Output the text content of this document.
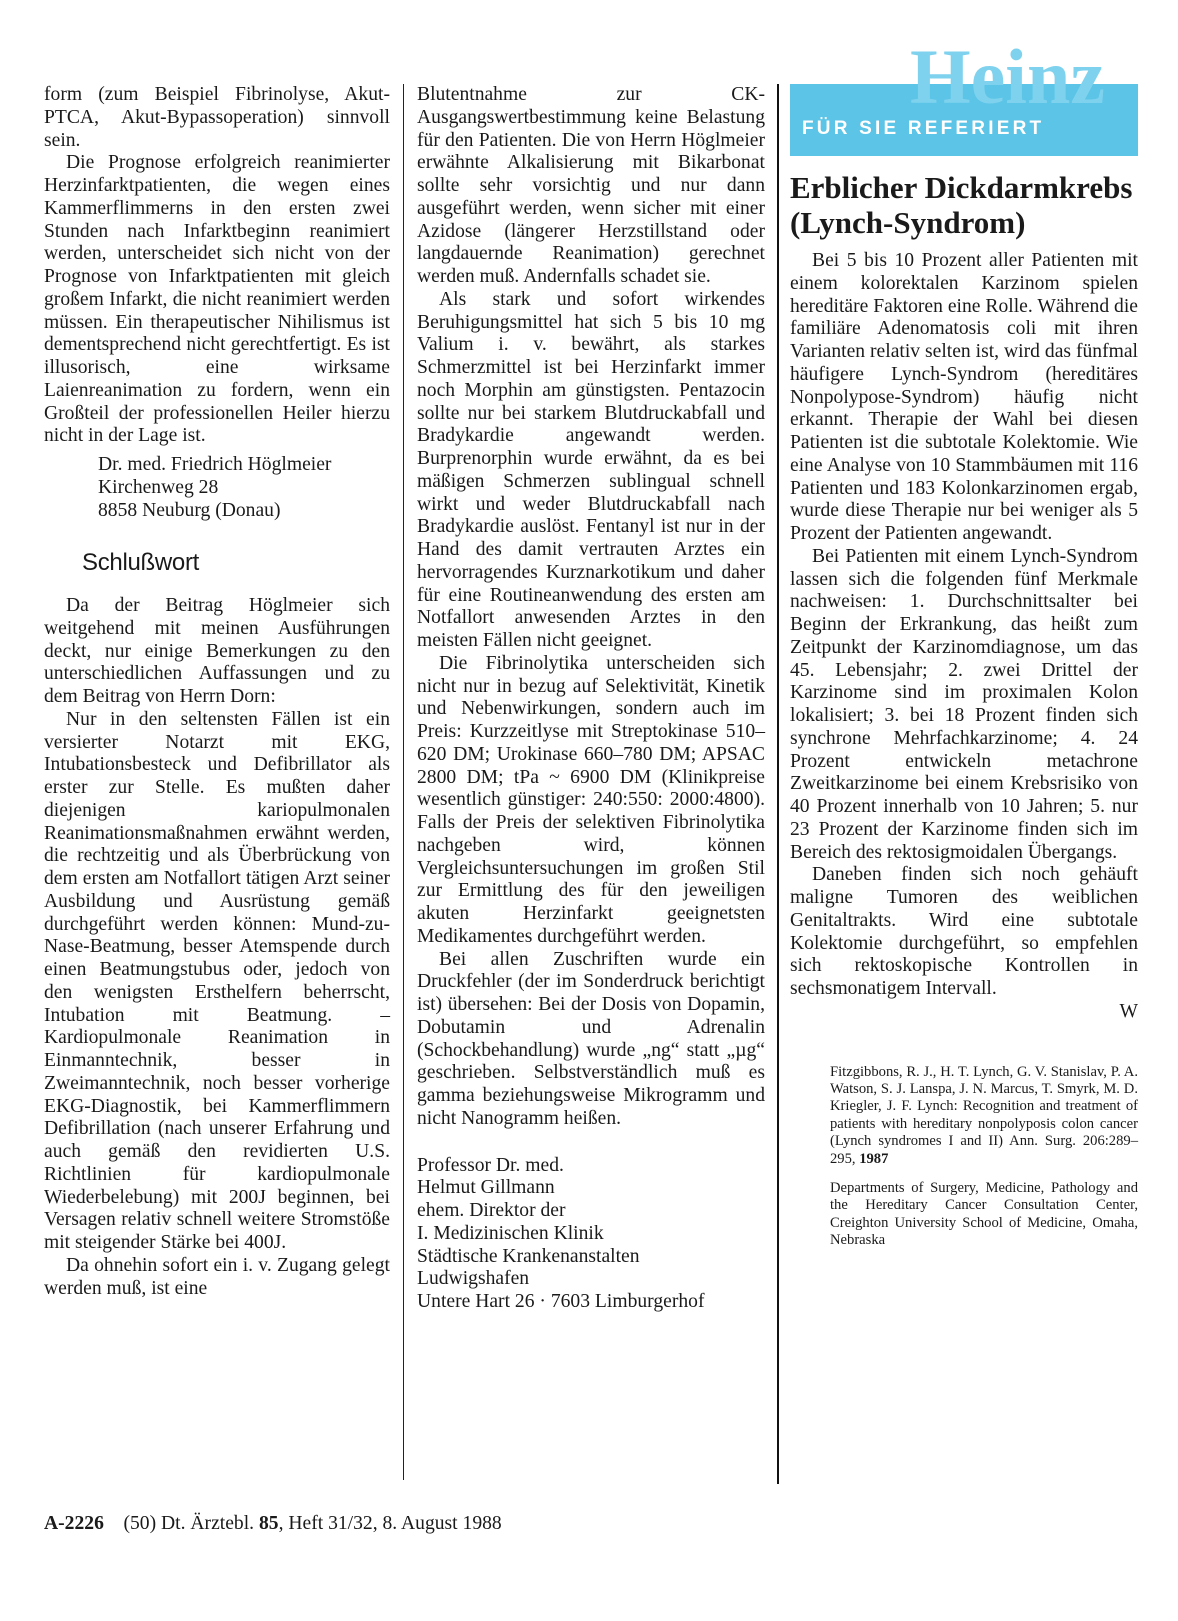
form (zum Beispiel Fibrinolyse, Akut-PTCA, Akut-Bypassoperation) sinnvoll sein.

Die Prognose erfolgreich reanimierter Herzinfarktpatienten, die wegen eines Kammerflimmerns in den ersten zwei Stunden nach Infarktbeginn reanimiert werden, unterscheidet sich nicht von der Prognose von Infarktpatienten mit gleich großem Infarkt, die nicht reanimiert werden müssen. Ein therapeutischer Nihilismus ist dementsprechend nicht gerechtfertigt. Es ist illusorisch, eine wirksame Laienreanimation zu fordern, wenn ein Großteil der professionellen Heiler hierzu nicht in der Lage ist.

Dr. med. Friedrich Höglmeier
Kirchenweg 28
8858 Neuburg (Donau)
Schlußwort

Da der Beitrag Höglmeier sich weitgehend mit meinen Ausführungen deckt, nur einige Bemerkungen zu den unterschiedlichen Auffassungen und zu dem Beitrag von Herrn Dorn:

Nur in den seltensten Fällen ist ein versierter Notarzt mit EKG, Intubationsbesteck und Defibrillator als erster zur Stelle. Es mußten daher diejenigen kariopulmonalen Reanimationsmaßnahmen erwähnt werden, die rechtzeitig und als Überbrückung von dem ersten am Notfallort tätigen Arzt seiner Ausbildung und Ausrüstung gemäß durchgeführt werden können: Mund-zu-Nase-Beatmung, besser Atemspende durch einen Beatmungstubus oder, jedoch von den wenigsten Ersthelfern beherrscht, Intubation mit Beatmung. – Kardiopulmonale Reanimation in Einmanntechnik, besser in Zweimanntechnik, noch besser vorherige EKG-Diagnostik, bei Kammerflimmern Defibrillation (nach unserer Erfahrung und auch gemäß den revidierten U.S. Richtlinien für kardiopulmonale Wiederbelebung) mit 200J beginnen, bei Versagen relativ schnell weitere Stromstöße mit steigender Stärke bei 400J.

Da ohnehin sofort ein i. v. Zugang gelegt werden muß, ist eine

Blutentnahme zur CK-Ausgangswertbestimmung keine Belastung für den Patienten. Die von Herrn Höglmeier erwähnte Alkalisierung mit Bikarbonat sollte sehr vorsichtig und nur dann ausgeführt werden, wenn sicher mit einer Azidose (längerer Herzstillstand oder langdauernde Reanimation) gerechnet werden muß. Andernfalls schadet sie.

Als stark und sofort wirkendes Beruhigungsmittel hat sich 5 bis 10 mg Valium i. v. bewährt, als starkes Schmerzmittel ist bei Herzinfarkt immer noch Morphin am günstigsten. Pentazocin sollte nur bei starkem Blutdruckabfall und Bradykardie angewandt werden. Burprenorphin wurde erwähnt, da es bei mäßigen Schmerzen sublingual schnell wirkt und weder Blutdruckabfall nach Bradykardie auslöst. Fentanyl ist nur in der Hand des damit vertrauten Arztes ein hervorragendes Kurznarkotikum und daher für eine Routineanwendung des ersten am Notfallort anwesenden Arztes in den meisten Fällen nicht geeignet.

Die Fibrinolytika unterscheiden sich nicht nur in bezug auf Selektivität, Kinetik und Nebenwirkungen, sondern auch im Preis: Kurzzeitlyse mit Streptokinase 510–620 DM; Urokinase 660–780 DM; APSAC 2800 DM; tPa ~ 6900 DM (Klinikpreise wesentlich günstiger: 240:550: 2000:4800). Falls der Preis der selektiven Fibrinolytika nachgeben wird, können Vergleichsuntersuchungen im großen Stil zur Ermittlung des für den jeweiligen akuten Herzinfarkt geeignetsten Medikamentes durchgeführt werden.

Bei allen Zuschriften wurde ein Druckfehler (der im Sonderdruck berichtigt ist) übersehen: Bei der Dosis von Dopamin, Dobutamin und Adrenalin (Schockbehandlung) wurde „ng“ statt „µg“ geschrieben. Selbstverständlich muß es gamma beziehungsweise Mikrogramm und nicht Nanogramm heißen.

Professor Dr. med.
Helmut Gillmann
ehem. Direktor der
I. Medizinischen Klinik
Städtische Krankenanstalten
Ludwigshafen
Untere Hart 26 · 7603 Limburgerhof
Heinz
FÜR SIE REFERIERT
Erblicher Dickdarmkrebs (Lynch-Syndrom)

Bei 5 bis 10 Prozent aller Patienten mit einem kolorektalen Karzinom spielen hereditäre Faktoren eine Rolle. Während die familiäre Adenomatosis coli mit ihren Varianten relativ selten ist, wird das fünfmal häufigere Lynch-Syndrom (hereditäres Nonpolypose-Syndrom) häufig nicht erkannt. Therapie der Wahl bei diesen Patienten ist die subtotale Kolektomie. Wie eine Analyse von 10 Stammbäumen mit 116 Patienten und 183 Kolonkarzinomen ergab, wurde diese Therapie nur bei weniger als 5 Prozent der Patienten angewandt.

Bei Patienten mit einem Lynch-Syndrom lassen sich die folgenden fünf Merkmale nachweisen: 1. Durchschnittsalter bei Beginn der Erkrankung, das heißt zum Zeitpunkt der Karzinomdiagnose, um das 45. Lebensjahr; 2. zwei Drittel der Karzinome sind im proximalen Kolon lokalisiert; 3. bei 18 Prozent finden sich synchrone Mehrfachkarzinome; 4. 24 Prozent entwickeln metachrone Zweitkarzinome bei einem Krebsrisiko von 40 Prozent innerhalb von 10 Jahren; 5. nur 23 Prozent der Karzinome finden sich im Bereich des rektosigmoidalen Übergangs.

Daneben finden sich noch gehäuft maligne Tumoren des weiblichen Genitaltrakts. Wird eine subtotale Kolektomie durchgeführt, so empfehlen sich rektoskopische Kontrollen in sechsmonatigem Intervall.

W

Fitzgibbons, R. J., H. T. Lynch, G. V. Stanislav, P. A. Watson, S. J. Lanspa, J. N. Marcus, T. Smyrk, M. D. Kriegler, J. F. Lynch: Recognition and treatment of patients with hereditary nonpolyposis colon cancer (Lynch syndromes I and II) Ann. Surg. 206:289–295, 1987

Departments of Surgery, Medicine, Pathology and the Hereditary Cancer Consultation Center, Creighton University School of Medicine, Omaha, Nebraska

A-2226 (50) Dt. Ärztebl. 85, Heft 31/32, 8. August 1988
